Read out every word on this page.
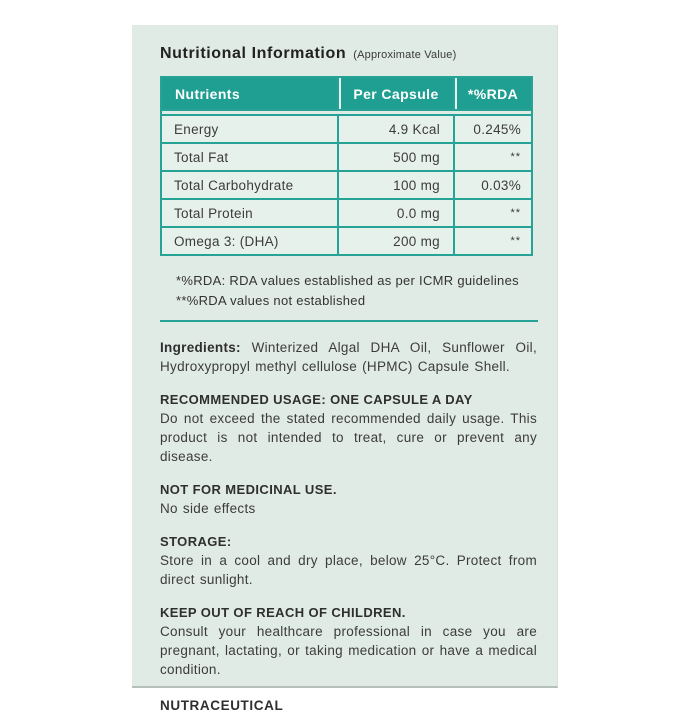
Nutritional Information (Approximate Value)
Nutrients	Per Capsule	*%RDA
Energy	4.9 Kcal	0.245%
Total Fat	500 mg	**
Total Carbohydrate	100 mg	0.03%
Total Protein	0.0 mg	**
Omega 3: (DHA)	200 mg	**
*%RDA: RDA values established as per ICMR guidelines
**%RDA values not established
Ingredients: Winterized Algal DHA Oil, Sunflower Oil, Hydroxypropyl methyl cellulose (HPMC) Capsule Shell.
RECOMMENDED USAGE: ONE CAPSULE A DAY
Do not exceed the stated recommended daily usage. This product is not intended to treat, cure or prevent any disease.
NOT FOR MEDICINAL USE.
No side effects
STORAGE:
Store in a cool and dry place, below 25°C. Protect from direct sunlight.
KEEP OUT OF REACH OF CHILDREN.
Consult your healthcare professional in case you are pregnant, lactating, or taking medication or have a medical condition.
NUTRACEUTICAL
